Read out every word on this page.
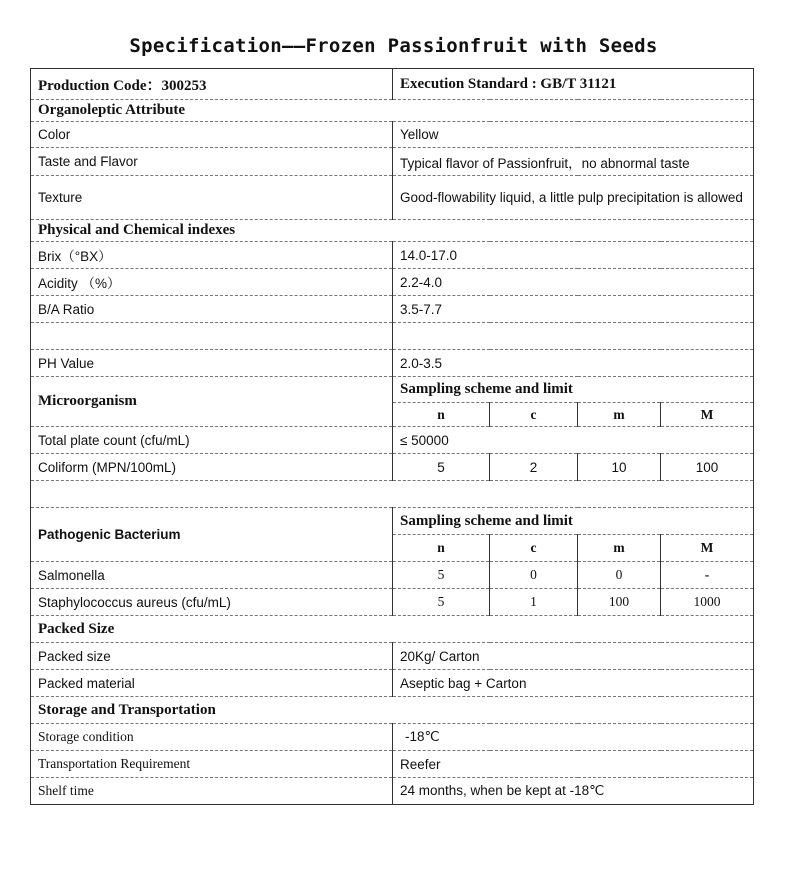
Specification——Frozen Passionfruit with Seeds
Production Code：300253	Execution Standard : GB/T 31121			
Organoleptic Attribute				
Color	Yellow			
Taste and Flavor	Typical flavor of Passionfruit，no abnormal taste			
Texture	Good-flowability liquid, a little pulp precipitation is allowed			
Physical and Chemical indexes				
Brix（°BX）	14.0-17.0			
Acidity （%）	2.2-4.0			
B/A Ratio	3.5-7.7			

PH Value	2.0-3.5			
Microorganism	Sampling scheme and limit			
	n	c	m	M
Total plate count (cfu/mL)	≤ 50000			
Coliform (MPN/100mL)	5	2	10	100

Pathogenic Bacterium	Sampling scheme and limit			
	n	c	m	M
Salmonella	5	0	0	-
Staphylococcus aureus (cfu/mL)	5	1	100	1000
Packed Size				
Packed size	20Kg/ Carton			
Packed material	Aseptic bag + Carton			
Storage and Transportation				
Storage condition	-18℃			
Transportation Requirement	Reefer			
Shelf time	24 months, when be kept at -18℃			
